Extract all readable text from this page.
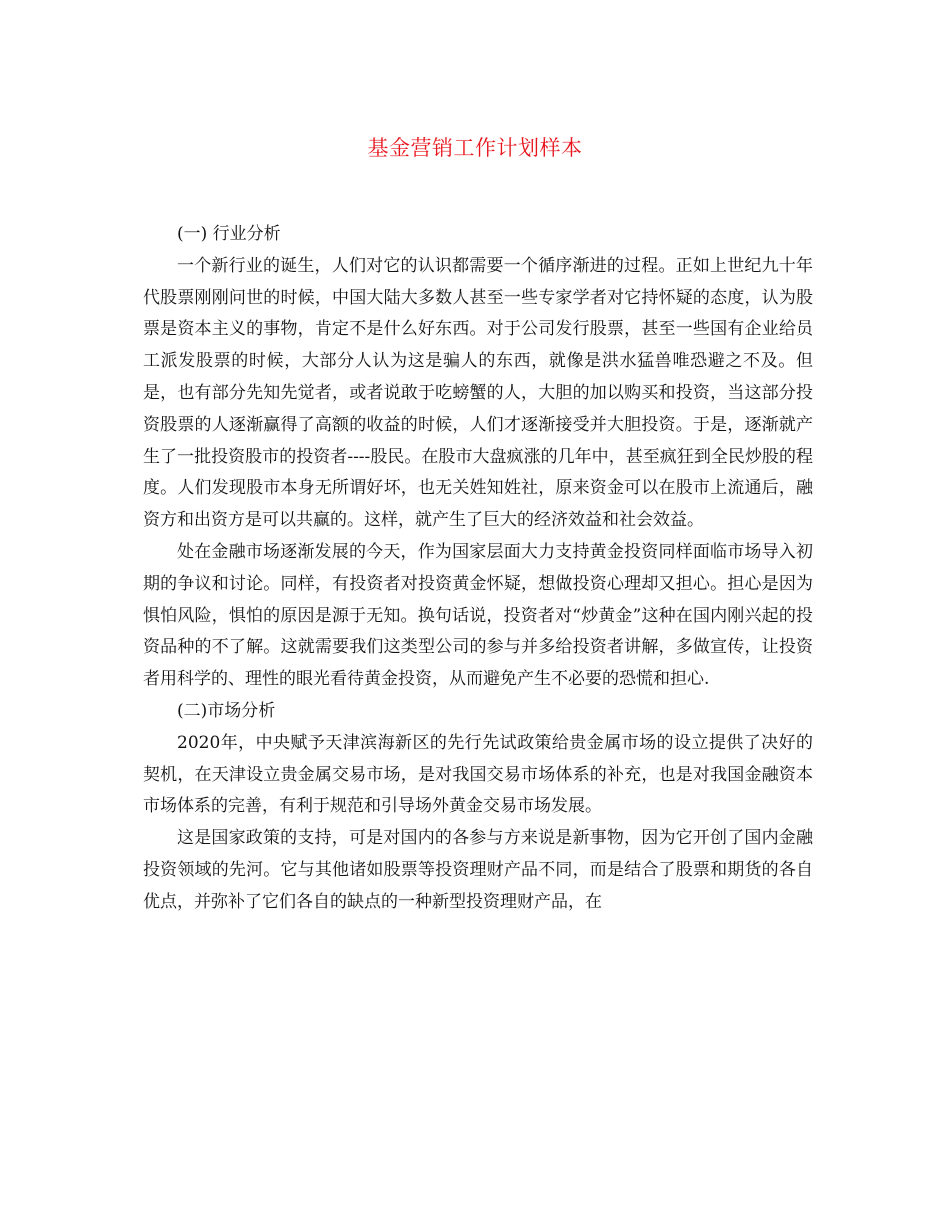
基金营销工作计划样本

(一) 行业分析

一个新行业的诞生，人们对它的认识都需要一个循序渐进的过程。正如上世纪九十年代股票刚刚问世的时候，中国大陆大多数人甚至一些专家学者对它持怀疑的态度，认为股票是资本主义的事物，肯定不是什么好东西。对于公司发行股票，甚至一些国有企业给员工派发股票的时候，大部分人认为这是骗人的东西，就像是洪水猛兽唯恐避之不及。但是，也有部分先知先觉者，或者说敢于吃螃蟹的人，大胆的加以购买和投资，当这部分投资股票的人逐渐赢得了高额的收益的时候，人们才逐渐接受并大胆投资。于是，逐渐就产生了一批投资股市的投资者----股民。在股市大盘疯涨的几年中，甚至疯狂到全民炒股的程度。人们发现股市本身无所谓好坏，也无关姓知姓社，原来资金可以在股市上流通后，融资方和出资方是可以共赢的。这样，就产生了巨大的经济效益和社会效益。

处在金融市场逐渐发展的今天，作为国家层面大力支持黄金投资同样面临市场导入初期的争议和讨论。同样，有投资者对投资黄金怀疑，想做投资心理却又担心。担心是因为惧怕风险，惧怕的原因是源于无知。换句话说，投资者对“炒黄金”这种在国内刚兴起的投资品种的不了解。这就需要我们这类型公司的参与并多给投资者讲解，多做宣传，让投资者用科学的、理性的眼光看待黄金投资，从而避免产生不必要的恐慌和担心.

(二)市场分析

2020年，中央赋予天津滨海新区的先行先试政策给贵金属市场的设立提供了决好的契机，在天津设立贵金属交易市场，是对我国交易市场体系的补充，也是对我国金融资本市场体系的完善，有利于规范和引导场外黄金交易市场发展。

这是国家政策的支持，可是对国内的各参与方来说是新事物，因为它开创了国内金融投资领域的先河。它与其他诸如股票等投资理财产品不同，而是结合了股票和期货的各自优点，并弥补了它们各自的缺点的一种新型投资理财产品，在
